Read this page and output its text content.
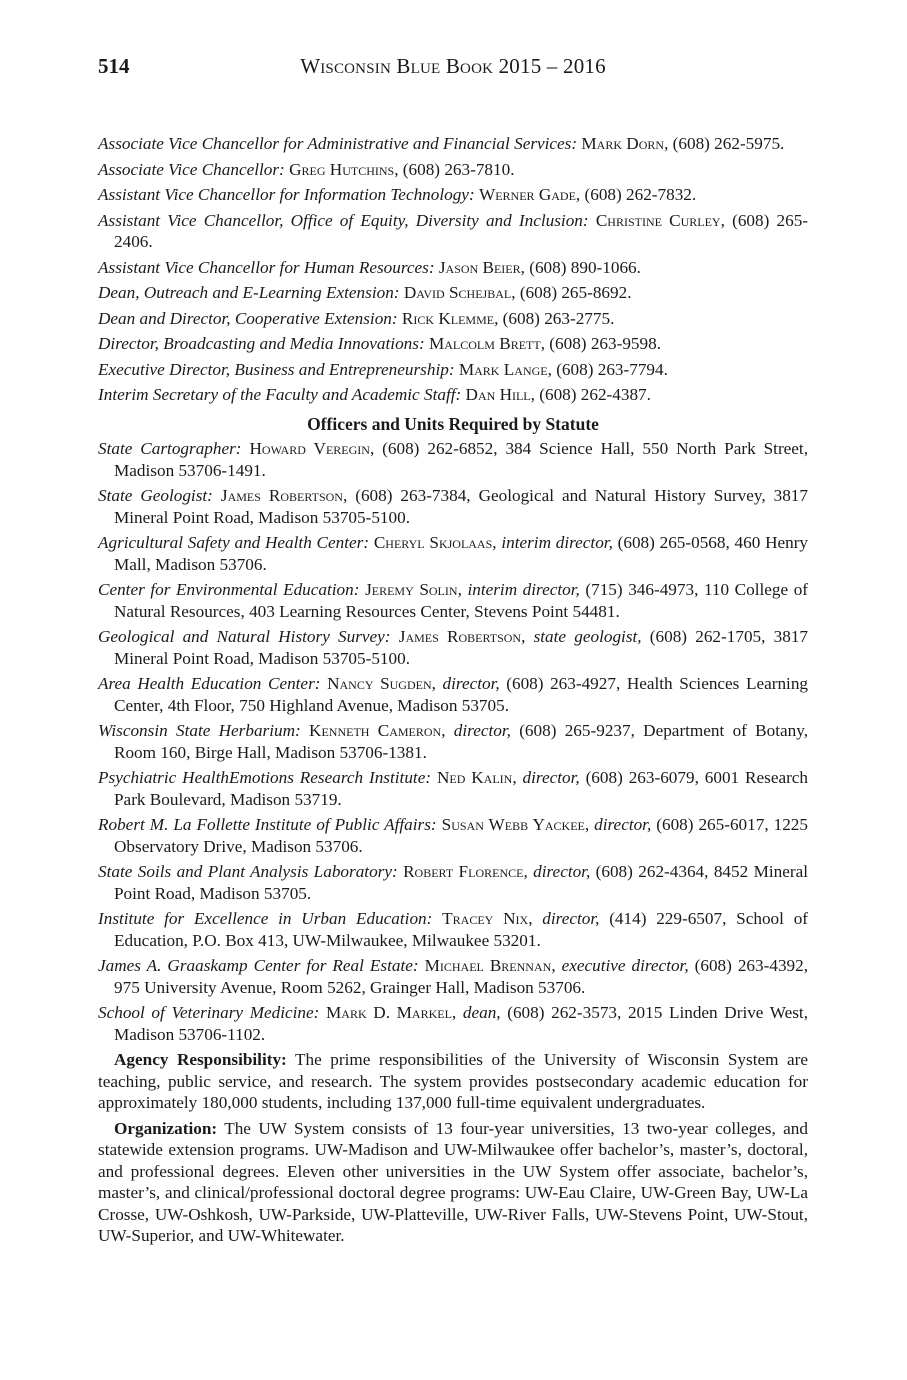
514	Wisconsin Blue Book 2015 – 2016

Associate Vice Chancellor for Administrative and Financial Services: Mark Dorn, (608) 262-5975.

Associate Vice Chancellor: Greg Hutchins, (608) 263-7810.

Assistant Vice Chancellor for Information Technology: Werner Gade, (608) 262-7832.

Assistant Vice Chancellor, Office of Equity, Diversity and Inclusion: Christine Curley, (608) 265-2406.

Assistant Vice Chancellor for Human Resources: Jason Beier, (608) 890-1066.

Dean, Outreach and E-Learning Extension: David Schejbal, (608) 265-8692.

Dean and Director, Cooperative Extension: Rick Klemme, (608) 263-2775.

Director, Broadcasting and Media Innovations: Malcolm Brett, (608) 263-9598.

Executive Director, Business and Entrepreneurship: Mark Lange, (608) 263-7794.

Interim Secretary of the Faculty and Academic Staff: Dan Hill, (608) 262-4387.

Officers and Units Required by Statute

State Cartographer: Howard Veregin, (608) 262-6852, 384 Science Hall, 550 North Park Street, Madison 53706-1491.

State Geologist: James Robertson, (608) 263-7384, Geological and Natural History Survey, 3817 Mineral Point Road, Madison 53705-5100.

Agricultural Safety and Health Center: Cheryl Skjolaas, interim director, (608) 265-0568, 460 Henry Mall, Madison 53706.

Center for Environmental Education: Jeremy Solin, interim director, (715) 346-4973, 110 College of Natural Resources, 403 Learning Resources Center, Stevens Point 54481.

Geological and Natural History Survey: James Robertson, state geologist, (608) 262-1705, 3817 Mineral Point Road, Madison 53705-5100.

Area Health Education Center: Nancy Sugden, director, (608) 263-4927, Health Sciences Learning Center, 4th Floor, 750 Highland Avenue, Madison 53705.

Wisconsin State Herbarium: Kenneth Cameron, director, (608) 265-9237, Department of Botany, Room 160, Birge Hall, Madison 53706-1381.

Psychiatric HealthEmotions Research Institute: Ned Kalin, director, (608) 263-6079, 6001 Research Park Boulevard, Madison 53719.

Robert M. La Follette Institute of Public Affairs: Susan Webb Yackee, director, (608) 265-6017, 1225 Observatory Drive, Madison 53706.

State Soils and Plant Analysis Laboratory: Robert Florence, director, (608) 262-4364, 8452 Mineral Point Road, Madison 53705.

Institute for Excellence in Urban Education: Tracey Nix, director, (414) 229-6507, School of Education, P.O. Box 413, UW-Milwaukee, Milwaukee 53201.

James A. Graaskamp Center for Real Estate: Michael Brennan, executive director, (608) 263-4392, 975 University Avenue, Room 5262, Grainger Hall, Madison 53706.

School of Veterinary Medicine: Mark D. Markel, dean, (608) 262-3573, 2015 Linden Drive West, Madison 53706-1102.

Agency Responsibility: The prime responsibilities of the University of Wisconsin System are teaching, public service, and research. The system provides postsecondary academic education for approximately 180,000 students, including 137,000 full-time equivalent undergraduates.

Organization: The UW System consists of 13 four-year universities, 13 two-year colleges, and statewide extension programs. UW-Madison and UW-Milwaukee offer bachelor’s, master’s, doctoral, and professional degrees. Eleven other universities in the UW System offer associate, bachelor’s, master’s, and clinical/professional doctoral degree programs: UW-Eau Claire, UW-Green Bay, UW-La Crosse, UW-Oshkosh, UW-Parkside, UW-Platteville, UW-River Falls, UW-Stevens Point, UW-Stout, UW-Superior, and UW-Whitewater.
